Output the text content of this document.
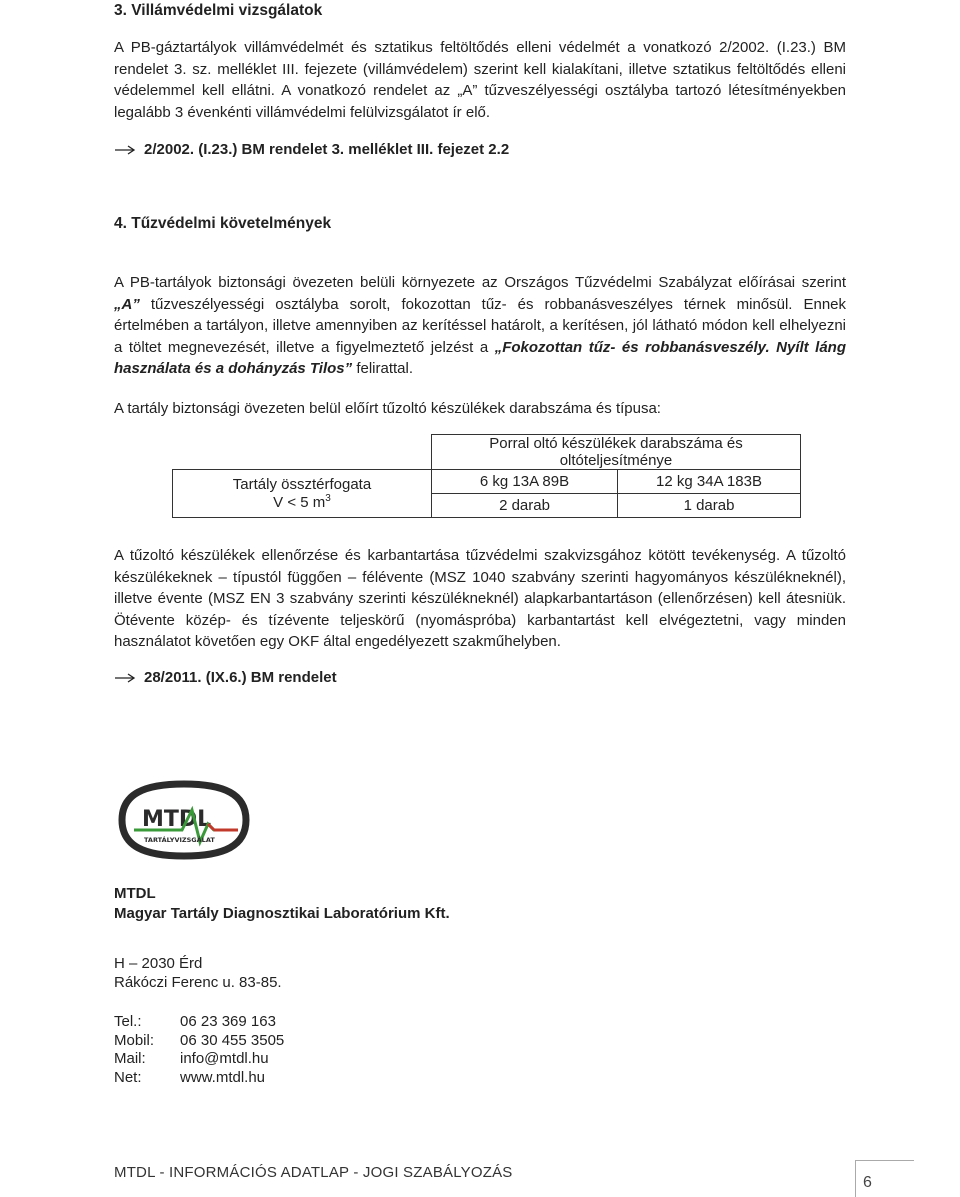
3. Villámvédelmi vizsgálatok
A PB-gáztartályok villámvédelmét és sztatikus feltöltődés elleni védelmét a vonatkozó 2/2002. (I.23.) BM rendelet 3. sz. melléklet III. fejezete (villámvédelem) szerint kell kialakítani, illetve sztatikus feltöltődés elleni védelemmel kell ellátni. A vonatkozó rendelet az „A” tűzveszélyességi osztályba tartozó létesítményekben legalább 3 évenkénti villámvédelmi felülvizsgálatot ír elő.
2/2002. (I.23.) BM rendelet 3. melléklet III. fejezet 2.2
4. Tűzvédelmi követelmények
A PB-tartályok biztonsági övezeten belüli környezete az Országos Tűzvédelmi Szabályzat előírásai szerint „A” tűzveszélyességi osztályba sorolt, fokozottan tűz- és robbanásveszélyes térnek minősül. Ennek értelmében a tartályon, illetve amennyiben az kerítéssel határolt, a kerítésen, jól látható módon kell elhelyezni a töltet megnevezését, illetve a figyelmeztető jelzést a „Fokozottan tűz- és robbanásveszély. Nyílt láng használata és a dohányzás Tilos” felirattal.
A tartály biztonsági övezeten belül előírt tűzoltó készülékek darabszáma és típusa:
	Porral oltó készülékek darabszáma és oltóteljesítménye	

Tartály össztérfogata
V < 5 $m^3$	6 kg 13A 89B	12 kg 34A 183B
	2 darab	1 darab
A tűzoltó készülékek ellenőrzése és karbantartása tűzvédelmi szakvizsgához kötött tevékenység. A tűzoltó készülékeknek – típustól függően – félévente (MSZ 1040 szabvány szerinti hagyományos készülékneknél), illetve évente (MSZ EN 3 szabvány szerinti készülékneknél) alapkarbantartáson (ellenőrzésen) kell átesniük. Ötévente közép- és tízévente teljeskörű (nyomáspróba) karbantartást kell elvégeztetni, vagy minden használatot követően egy OKF által engedélyezett szakműhelyben.
28/2011. (IX.6.) BM rendelet
MTDL
TARTÁLYVIZSGÁLAT
MTDL
Magyar Tartály Diagnosztikai Laboratórium Kft.
H – 2030 Érd
Rákóczi Ferenc u. 83-85.
Tel.:	06 23 369 163
Mobil:	06 30 455 3505
Mail:	info@mtdl.hu
Net:	www.mtdl.hu
MTDL - INFORMÁCIÓS ADATLAP - JOGI SZABÁLYOZÁS
6
